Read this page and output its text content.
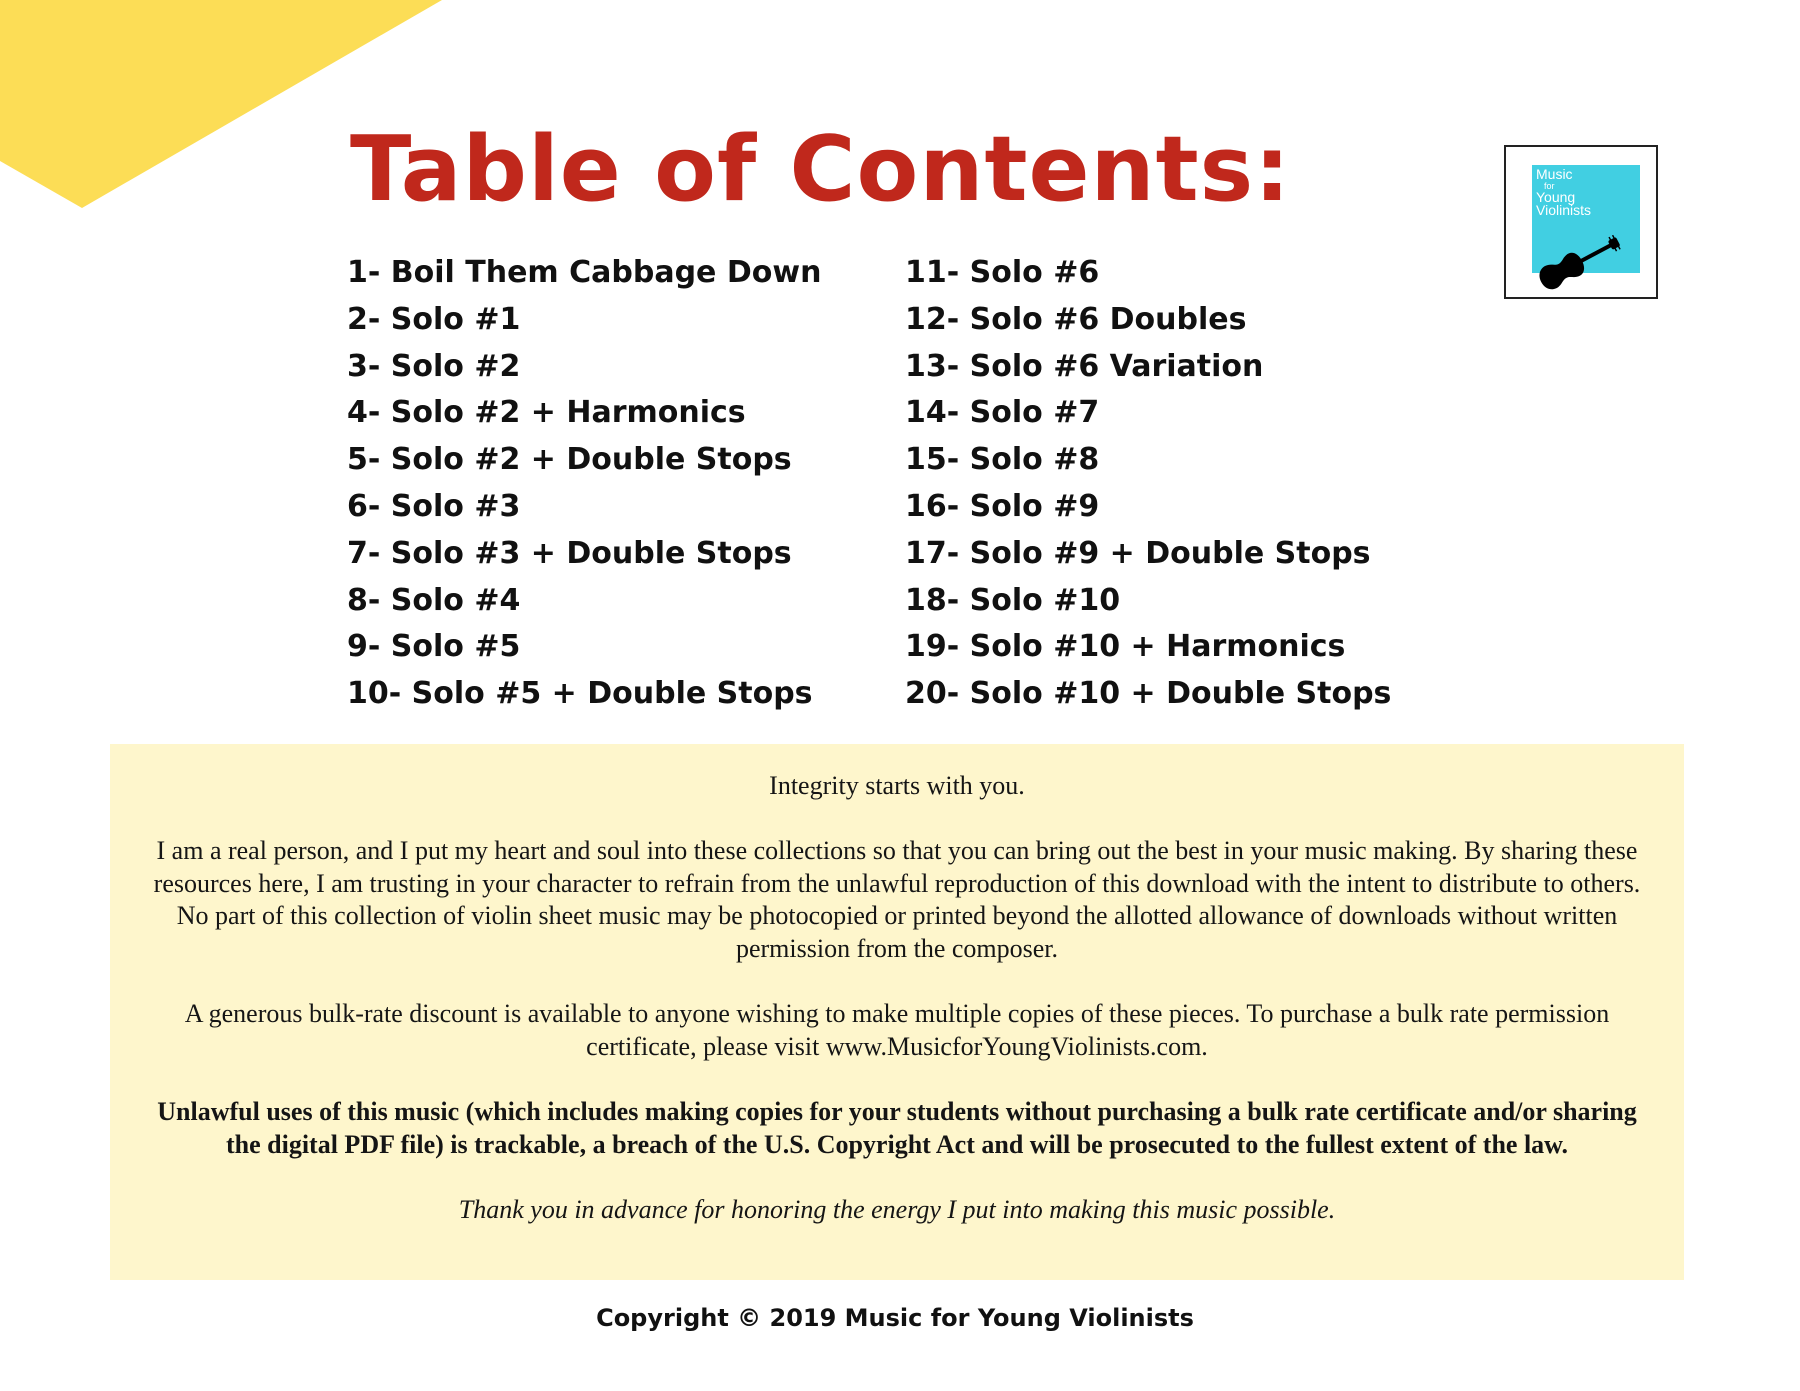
Table of Contents:
1- Boil Them Cabbage Down
2- Solo #1
3- Solo #2
4- Solo #2 + Harmonics
5- Solo #2 + Double Stops
6- Solo #3
7- Solo #3 + Double Stops
8- Solo #4
9- Solo #5
10- Solo #5 + Double Stops
11- Solo #6
12- Solo #6 Doubles
13- Solo #6 Variation
14- Solo #7
15- Solo #8
16- Solo #9
17- Solo #9 + Double Stops
18- Solo #10
19- Solo #10 + Harmonics
20- Solo #10 + Double Stops
Music
for
Young
Violinists

Integrity starts with you.

I am a real person, and I put my heart and soul into these collections so that you can bring out the best in your music making. By sharing these resources here, I am trusting in your character to refrain from the unlawful reproduction of this download with the intent to distribute to others. No part of this collection of violin sheet music may be photocopied or printed beyond the allotted allowance of downloads without written permission from the composer.

A generous bulk-rate discount is available to anyone wishing to make multiple copies of these pieces. To purchase a bulk rate permission certificate, please visit www.MusicforYoungViolinists.com.

Unlawful uses of this music (which includes making copies for your students without purchasing a bulk rate certificate and/or sharing the digital PDF file) is trackable, a breach of the U.S. Copyright Act and will be prosecuted to the fullest extent of the law.

Thank you in advance for honoring the energy I put into making this music possible.

Copyright © 2019 Music for Young Violinists
